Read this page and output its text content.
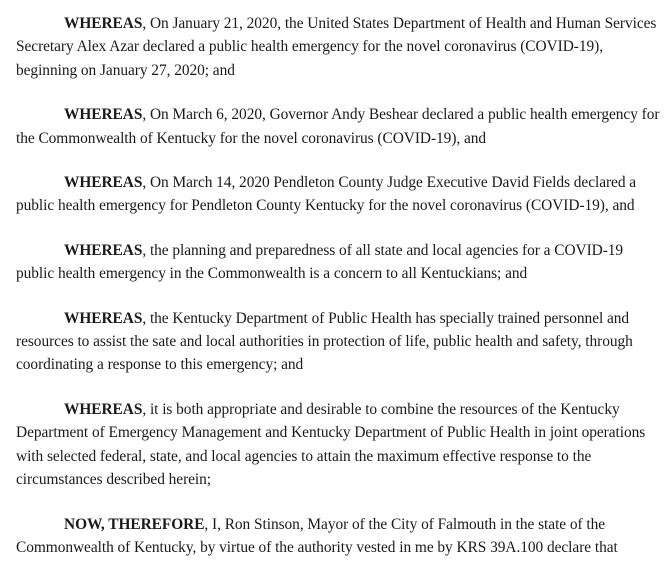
WHEREAS, On January 21, 2020, the United States Department of Health and Human Services Secretary Alex Azar declared a public health emergency for the novel coronavirus (COVID-19), beginning on January 27, 2020; and

WHEREAS, On March 6, 2020, Governor Andy Beshear declared a public health emergency for the Commonwealth of Kentucky for the novel coronavirus (COVID-19), and

WHEREAS, On March 14, 2020 Pendleton County Judge Executive David Fields declared a public health emergency for Pendleton County Kentucky for the novel coronavirus (COVID-19), and

WHEREAS, the planning and preparedness of all state and local agencies for a COVID-19 public health emergency in the Commonwealth is a concern to all Kentuckians; and

WHEREAS, the Kentucky Department of Public Health has specially trained personnel and resources to assist the sate and local authorities in protection of life, public health and safety, through coordinating a response to this emergency; and

WHEREAS, it is both appropriate and desirable to combine the resources of the Kentucky Department of Emergency Management and Kentucky Department of Public Health in joint operations with selected federal, state, and local agencies to attain the maximum effective response to the circumstances described herein;

NOW, THEREFORE, I, Ron Stinson, Mayor of the City of Falmouth in the state of the Commonwealth of Kentucky, by virtue of the authority vested in me by KRS 39A.100 declare that
